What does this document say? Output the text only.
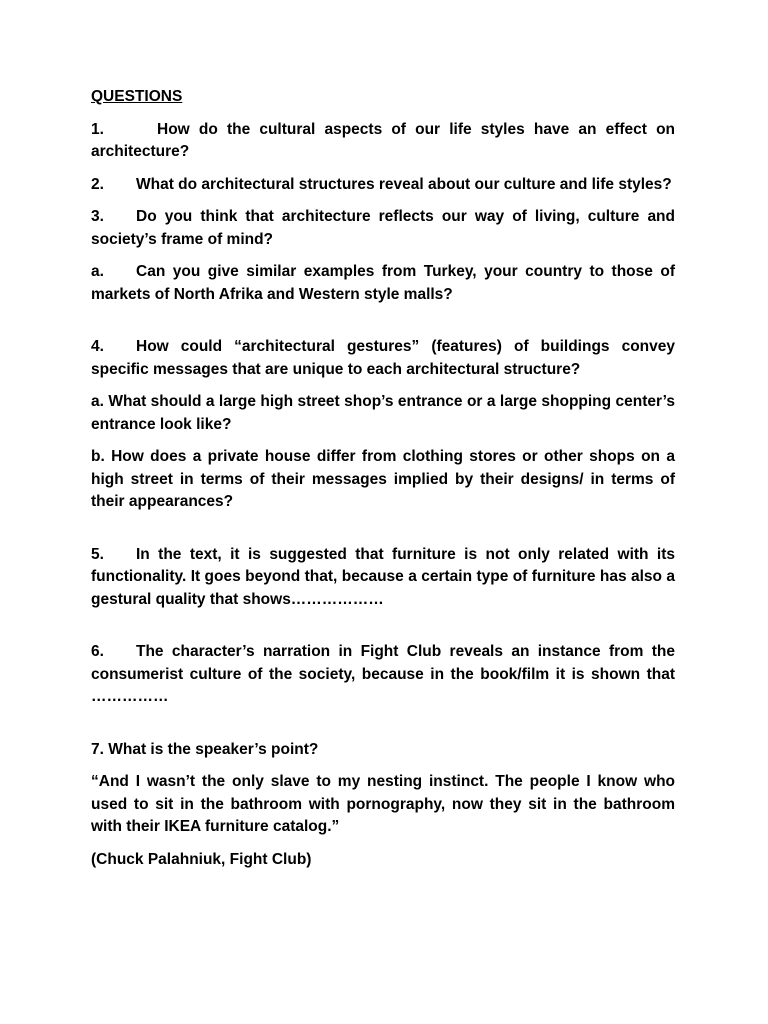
QUESTIONS

1.	How do the cultural aspects of our life styles have an effect on architecture?

2. What do architectural structures reveal about our culture and life styles?

3. Do you think that architecture reflects our way of living, culture and society’s frame of mind?

a. Can you give similar examples from Turkey, your country to those of markets of North Afrika and Western style malls?

4. How could “architectural gestures” (features) of buildings convey specific messages that are unique to each architectural structure?

a. What should a large high street shop’s entrance or a large shopping center’s entrance look like?

b. How does a private house differ from clothing stores or other shops on a high street in terms of their messages implied by their designs/ in terms of their appearances?

5. In the text, it is suggested that furniture is not only related with its functionality. It goes beyond that, because a certain type of furniture has also a gestural quality that shows………………

6. The character’s narration in Fight Club reveals an instance from the consumerist culture of the society, because in the book/film it is shown that ……………

7. What is the speaker’s point?

“And I wasn’t the only slave to my nesting instinct. The people I know who used to sit in the bathroom with pornography, now they sit in the bathroom with their IKEA furniture catalog.”

(Chuck Palahniuk, Fight Club)
